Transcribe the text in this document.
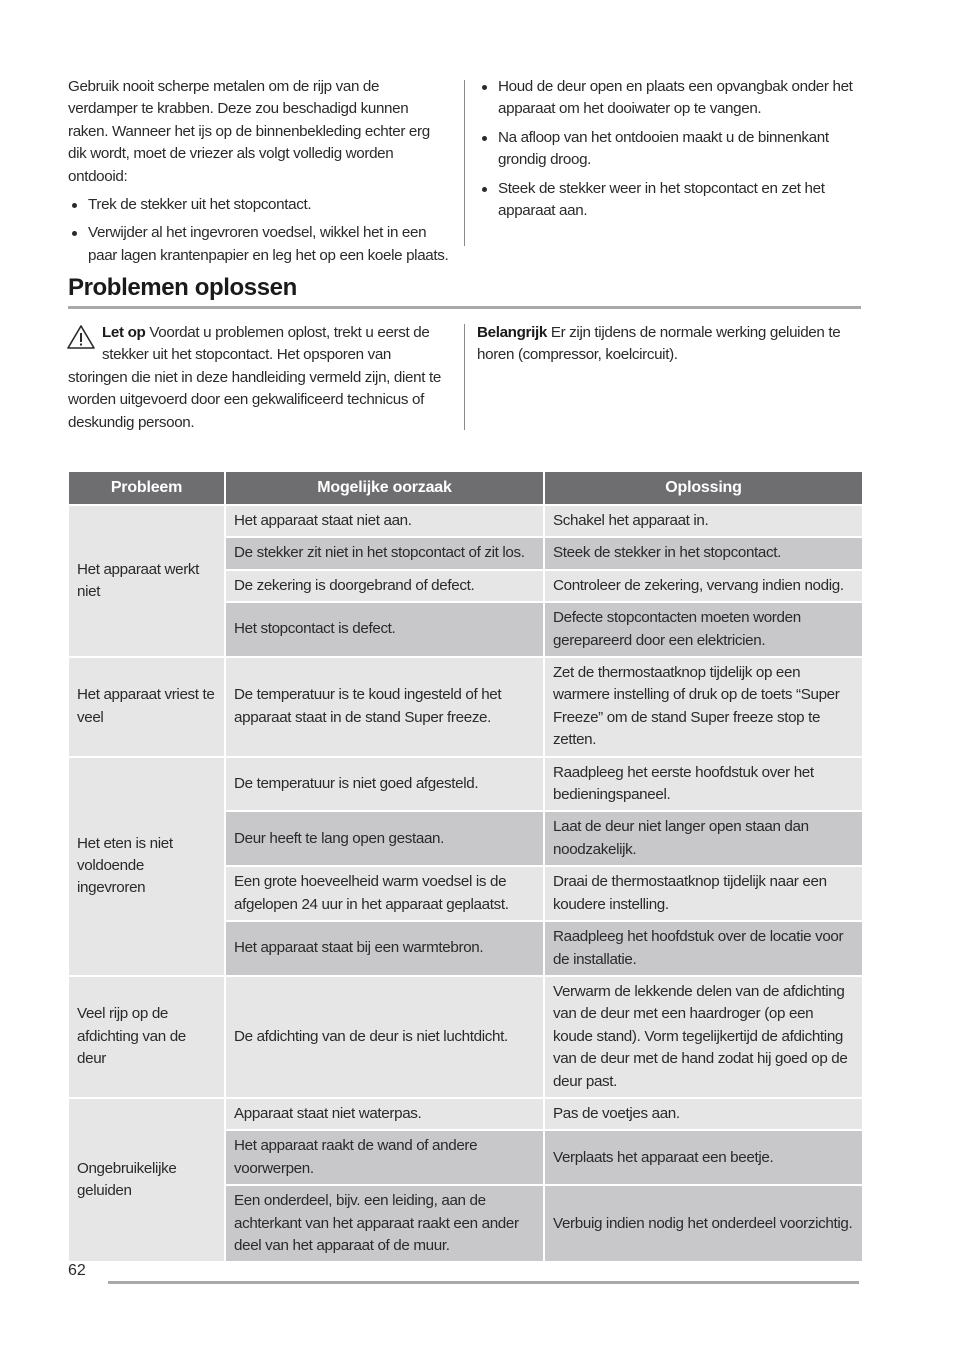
Gebruik nooit scherpe metalen om de rijp van de verdamper te krabben. Deze zou beschadigd kunnen raken. Wanneer het ijs op de binnenbekleding echter erg dik wordt, moet de vriezer als volgt volledig worden ontdooid:

Trek de stekker uit het stopcontact.
Verwijder al het ingevroren voedsel, wikkel het in een paar lagen krantenpapier en leg het op een koele plaats.
Houd de deur open en plaats een opvangbak onder het apparaat om het dooiwater op te vangen.
Na afloop van het ontdooien maakt u de binnenkant grondig droog.
Steek de stekker weer in het stopcontact en zet het apparaat aan.
Problemen oplossen
Let op Voordat u problemen oplost, trekt u eerst de stekker uit het stopcontact. Het opsporen van storingen die niet in deze handleiding vermeld zijn, dient te worden uitgevoerd door een gekwalificeerd technicus of deskundig persoon.
Belangrijk Er zijn tijdens de normale werking geluiden te horen (compressor, koelcircuit).
Probleem	Mogelijke oorzaak	Oplossing
Het apparaat werkt niet	Het apparaat staat niet aan.	Schakel het apparaat in.
	De stekker zit niet in het stopcontact of zit los.	Steek de stekker in het stopcontact.
	De zekering is doorgebrand of defect.	Controleer de zekering, vervang indien nodig.
	Het stopcontact is defect.	Defecte stopcontacten moeten worden gerepareerd door een elektricien.
Het apparaat vriest te veel	De temperatuur is te koud ingesteld of het apparaat staat in de stand Super freeze.	Zet de thermostaatknop tijdelijk op een warmere instelling of druk op de toets “Super Freeze” om de stand Super freeze stop te zetten.
Het eten is niet voldoende ingevroren	De temperatuur is niet goed afgesteld.	Raadpleeg het eerste hoofdstuk over het bedieningspaneel.
	Deur heeft te lang open gestaan.	Laat de deur niet langer open staan dan noodzakelijk.
	Een grote hoeveelheid warm voedsel is de afgelopen 24 uur in het apparaat geplaatst.	Draai de thermostaatknop tijdelijk naar een koudere instelling.
	Het apparaat staat bij een warmtebron.	Raadpleeg het hoofdstuk over de locatie voor de installatie.
Veel rijp op de afdichting van de deur	De afdichting van de deur is niet luchtdicht.	Verwarm de lekkende delen van de afdichting van de deur met een haardroger (op een koude stand). Vorm tegelijkertijd de afdichting van de deur met de hand zodat hij goed op de deur past.
Ongebruikelijke geluiden	Apparaat staat niet waterpas.	Pas de voetjes aan.
	Het apparaat raakt de wand of andere voorwerpen.	Verplaats het apparaat een beetje.
	Een onderdeel, bijv. een leiding, aan de achterkant van het apparaat raakt een ander deel van het apparaat of de muur.	Verbuig indien nodig het onderdeel voorzichtig.
62
